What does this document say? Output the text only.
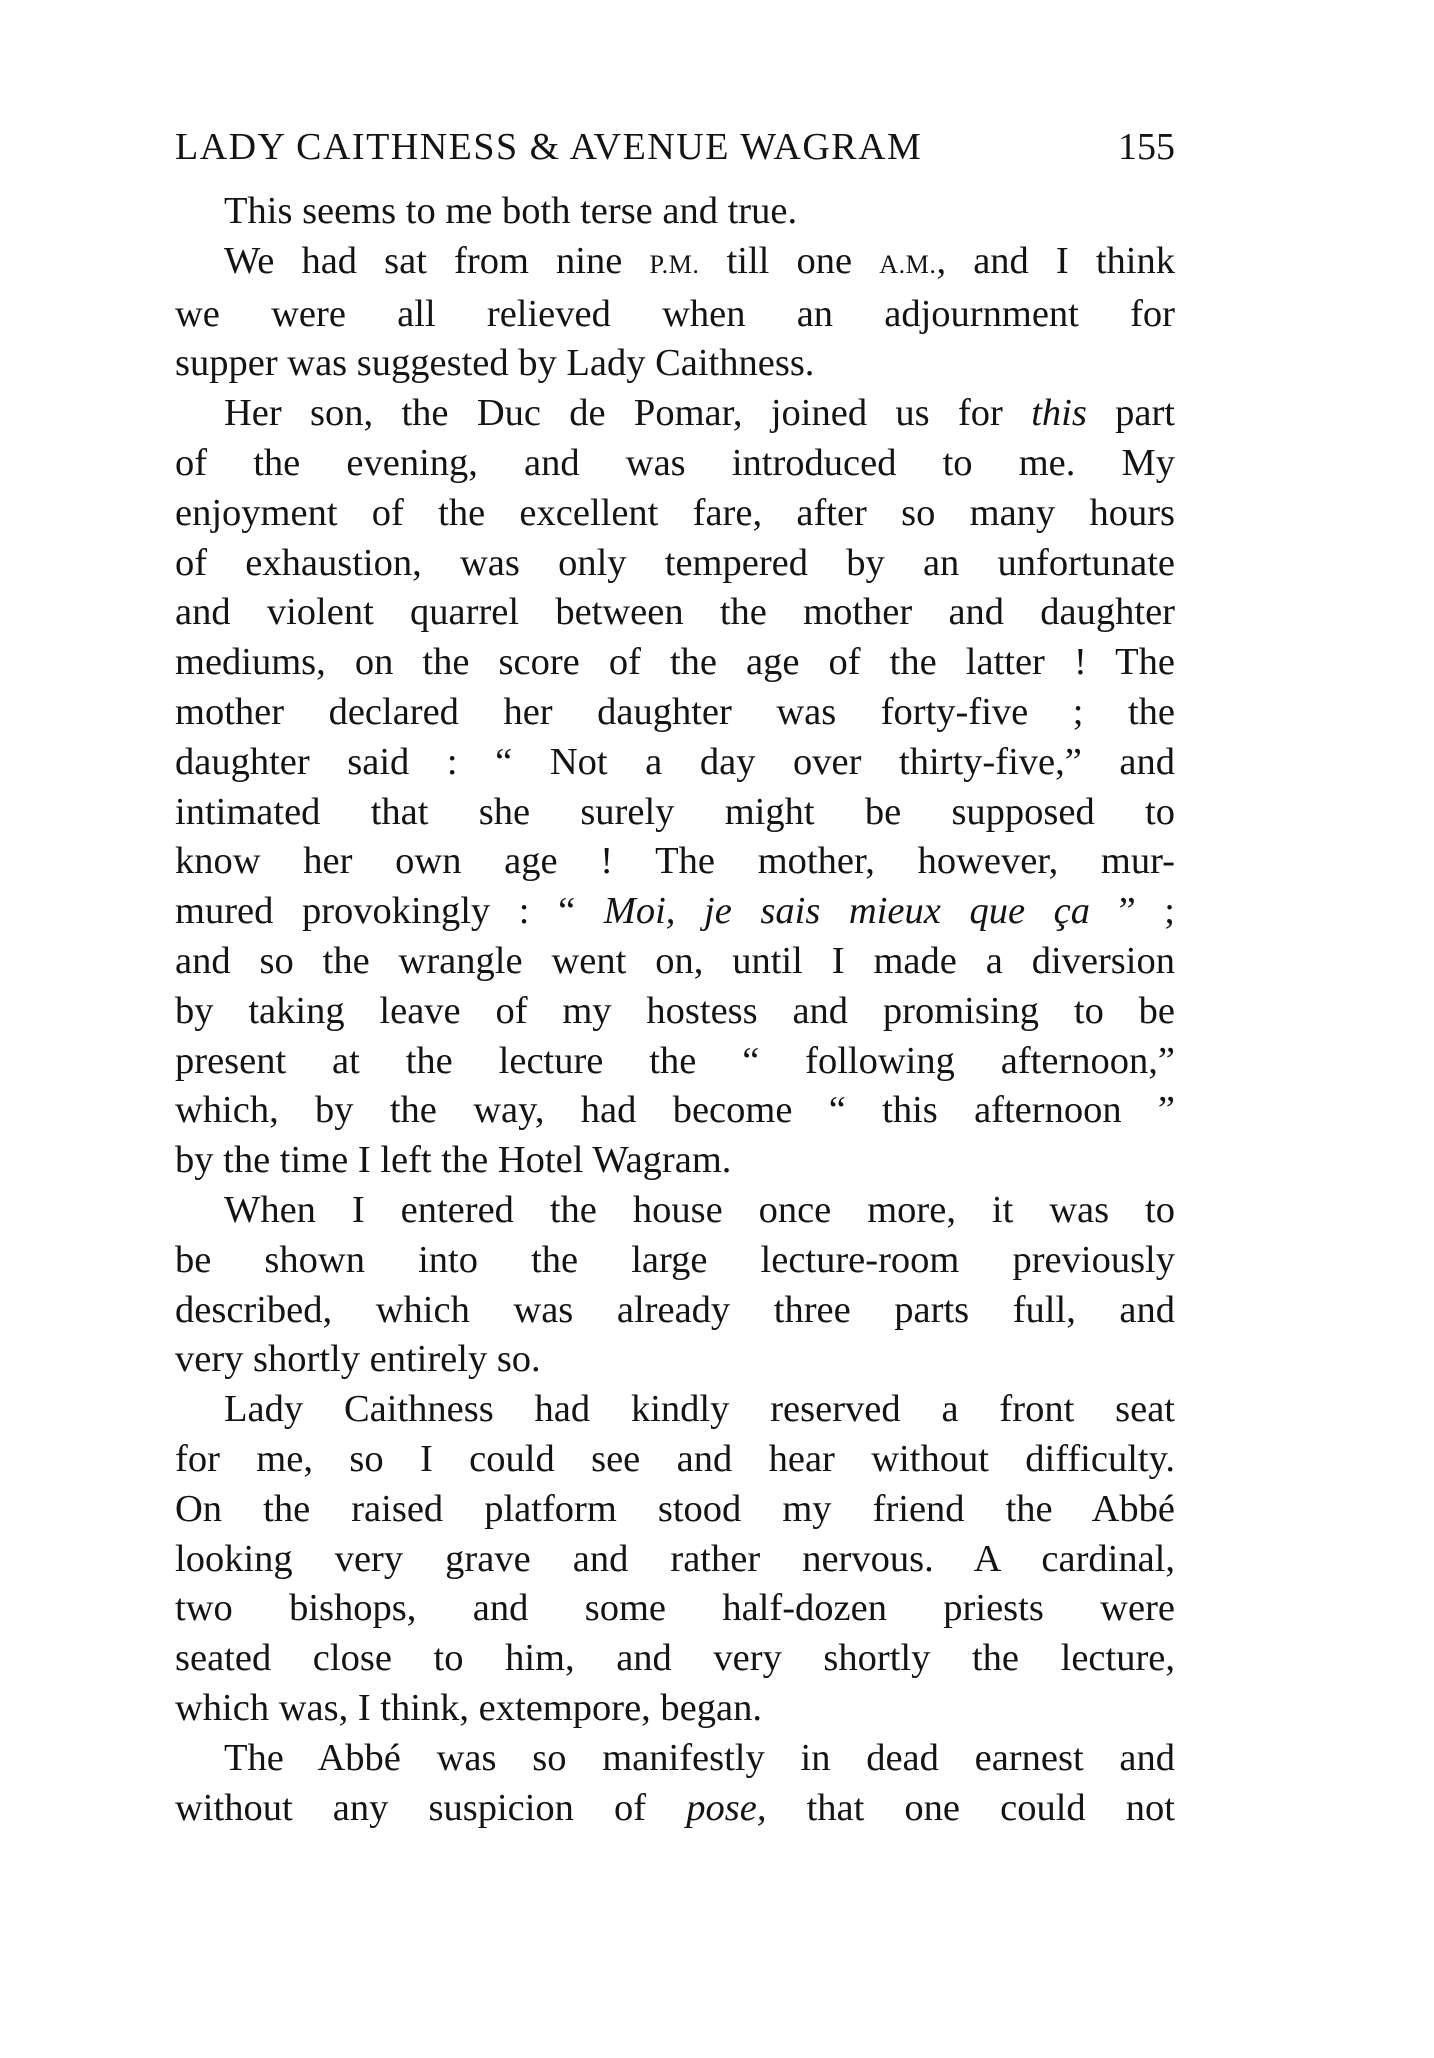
LADY CAITHNESS & AVENUE WAGRAM	155

This seems to me both terse and true.

We had sat from nine P.M. till one A.M., and I think
we were all relieved when an adjournment for
supper was suggested by Lady Caithness.

Her son, the Duc de Pomar, joined us for this part
of the evening, and was introduced to me. My
enjoyment of the excellent fare, after so many hours
of exhaustion, was only tempered by an unfortunate
and violent quarrel between the mother and daughter
mediums, on the score of the age of the latter ! The
mother declared her daughter was forty-five ; the
daughter said : “ Not a day over thirty-five,” and
intimated that she surely might be supposed to
know her own age ! The mother, however, mur-
mured provokingly : “ Moi, je sais mieux que ça ” ;
and so the wrangle went on, until I made a diversion
by taking leave of my hostess and promising to be
present at the lecture the “ following afternoon,”
which, by the way, had become “ this afternoon ”
by the time I left the Hotel Wagram.

When I entered the house once more, it was to
be shown into the large lecture-room previously
described, which was already three parts full, and
very shortly entirely so.

Lady Caithness had kindly reserved a front seat
for me, so I could see and hear without difficulty.
On the raised platform stood my friend the Abbé
looking very grave and rather nervous. A cardinal,
two bishops, and some half-dozen priests were
seated close to him, and very shortly the lecture,
which was, I think, extempore, began.

The Abbé was so manifestly in dead earnest and
without any suspicion of pose, that one could not
